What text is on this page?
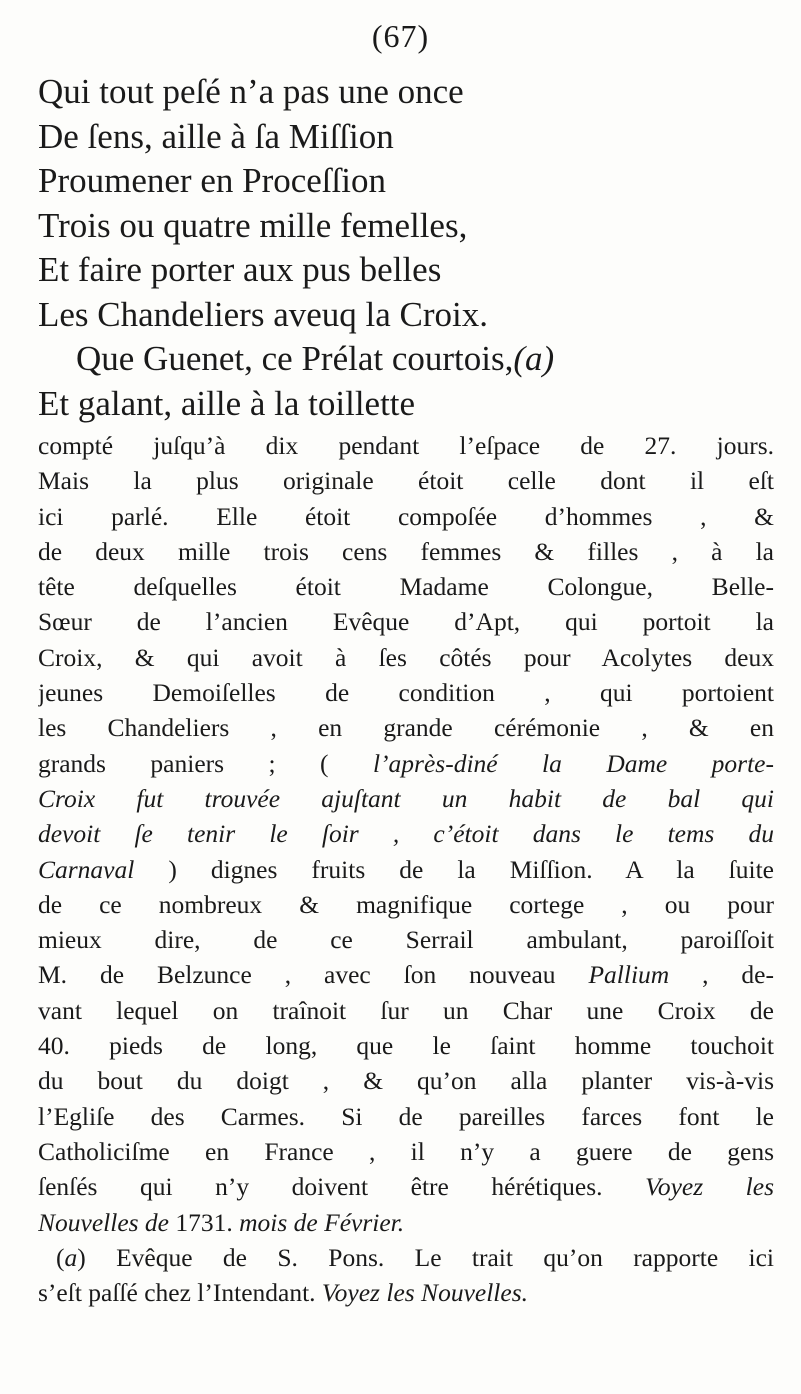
(67)
Qui tout peſé n’a pas une once
De ſens, aille à ſa Miſſion
Proumener en Proceſſion
Trois ou quatre mille femelles,
Et faire porter aux pus belles
Les Chandeliers aveuq la Croix.
Que Guenet, ce Prélat courtois,(a)
Et galant, aille à la toillette
compté juſqu’à dix pendant l’eſpace de 27. jours.
Mais la plus originale étoit celle dont il eſt
ici parlé. Elle étoit compoſée d’hommes , &
de deux mille trois cens femmes & filles , à la
tête deſquelles étoit Madame Colongue, Belle-
Sœur de l’ancien Evêque d’Apt, qui portoit la
Croix, & qui avoit à ſes côtés pour Acolytes deux
jeunes Demoiſelles de condition , qui portoient
les Chandeliers , en grande cérémonie , & en
grands paniers ; ( l’après-diné la Dame porte-
Croix fut trouvée ajuſtant un habit de bal qui
devoit ſe tenir le ſoir , c’étoit dans le tems du
Carnaval ) dignes fruits de la Miſſion. A la ſuite
de ce nombreux & magnifique cortege , ou pour
mieux dire, de ce Serrail ambulant, paroiſſoit
M. de Belzunce , avec ſon nouveau Pallium , de-
vant lequel on traînoit ſur un Char une Croix de
40. pieds de long, que le ſaint homme touchoit
du bout du doigt , & qu’on alla planter vis-à-vis
l’Egliſe des Carmes. Si de pareilles farces font le
Catholiciſme en France , il n’y a guere de gens
ſenſés qui n’y doivent être hérétiques. Voyez les
Nouvelles de 1731. mois de Février.
(a) Evêque de S. Pons. Le trait qu’on rapporte ici
s’eſt paſſé chez l’Intendant. Voyez les Nouvelles.
